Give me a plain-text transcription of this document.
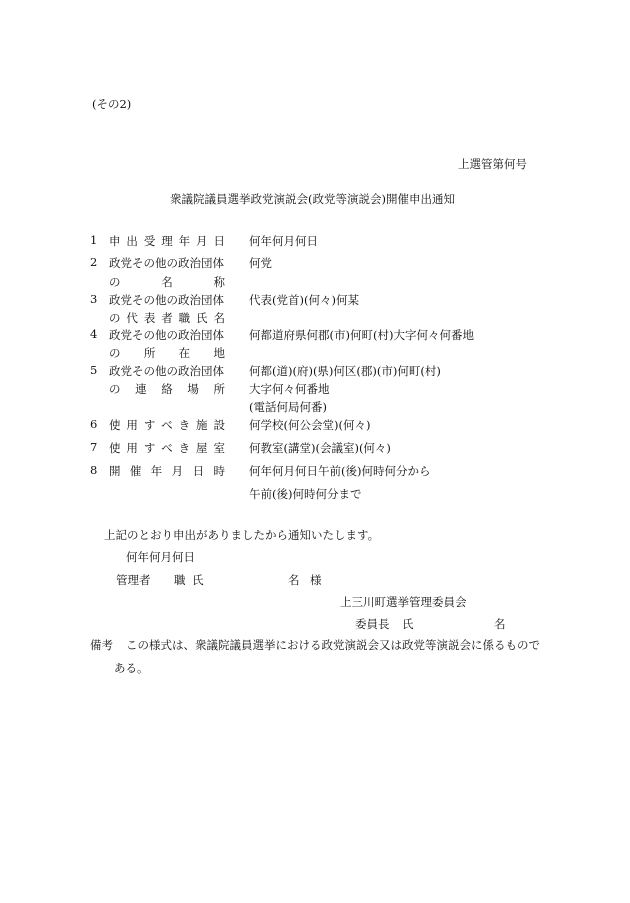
(その2)
上選管第何号
衆議院議員選挙政党演説会(政党等演説会)開催申出通知
1 申 出 受 理 年 月 日 何年何月何日
2 政党その他の政治団体
の	名	称
何党
3 政党その他の政治団体
の 代 表 者 職 氏 名
代表(党首)(何々)何某
4 政党その他の政治団体
の 所 在 地
何都道府県何郡(市)何町(村)大字何々何番地
5 政党その他の政治団体
の 連 絡 場 所
何都(道)(府)(県)何区(郡)(市)何町(村)
大字何々何番地
(電話何局何番)
6 使 用 す べ き 施 設 何学校(何公会堂)(何々)
7 使 用 す べ き 屋 室 何教室(講堂)(会議室)(何々)
8 開 催 年 月 日 時 何年何月何日午前(後)何時何分から
午前(後)何時何分まで
上記のとおり申出がありましたから通知いたします。
何年何月何日
管理者 職 氏	名 様
上三川町選挙管理委員会
委員長 氏	名
備考 この様式は、衆議院議員選挙における政党演説会又は政党等演説会に係るもので
ある。
